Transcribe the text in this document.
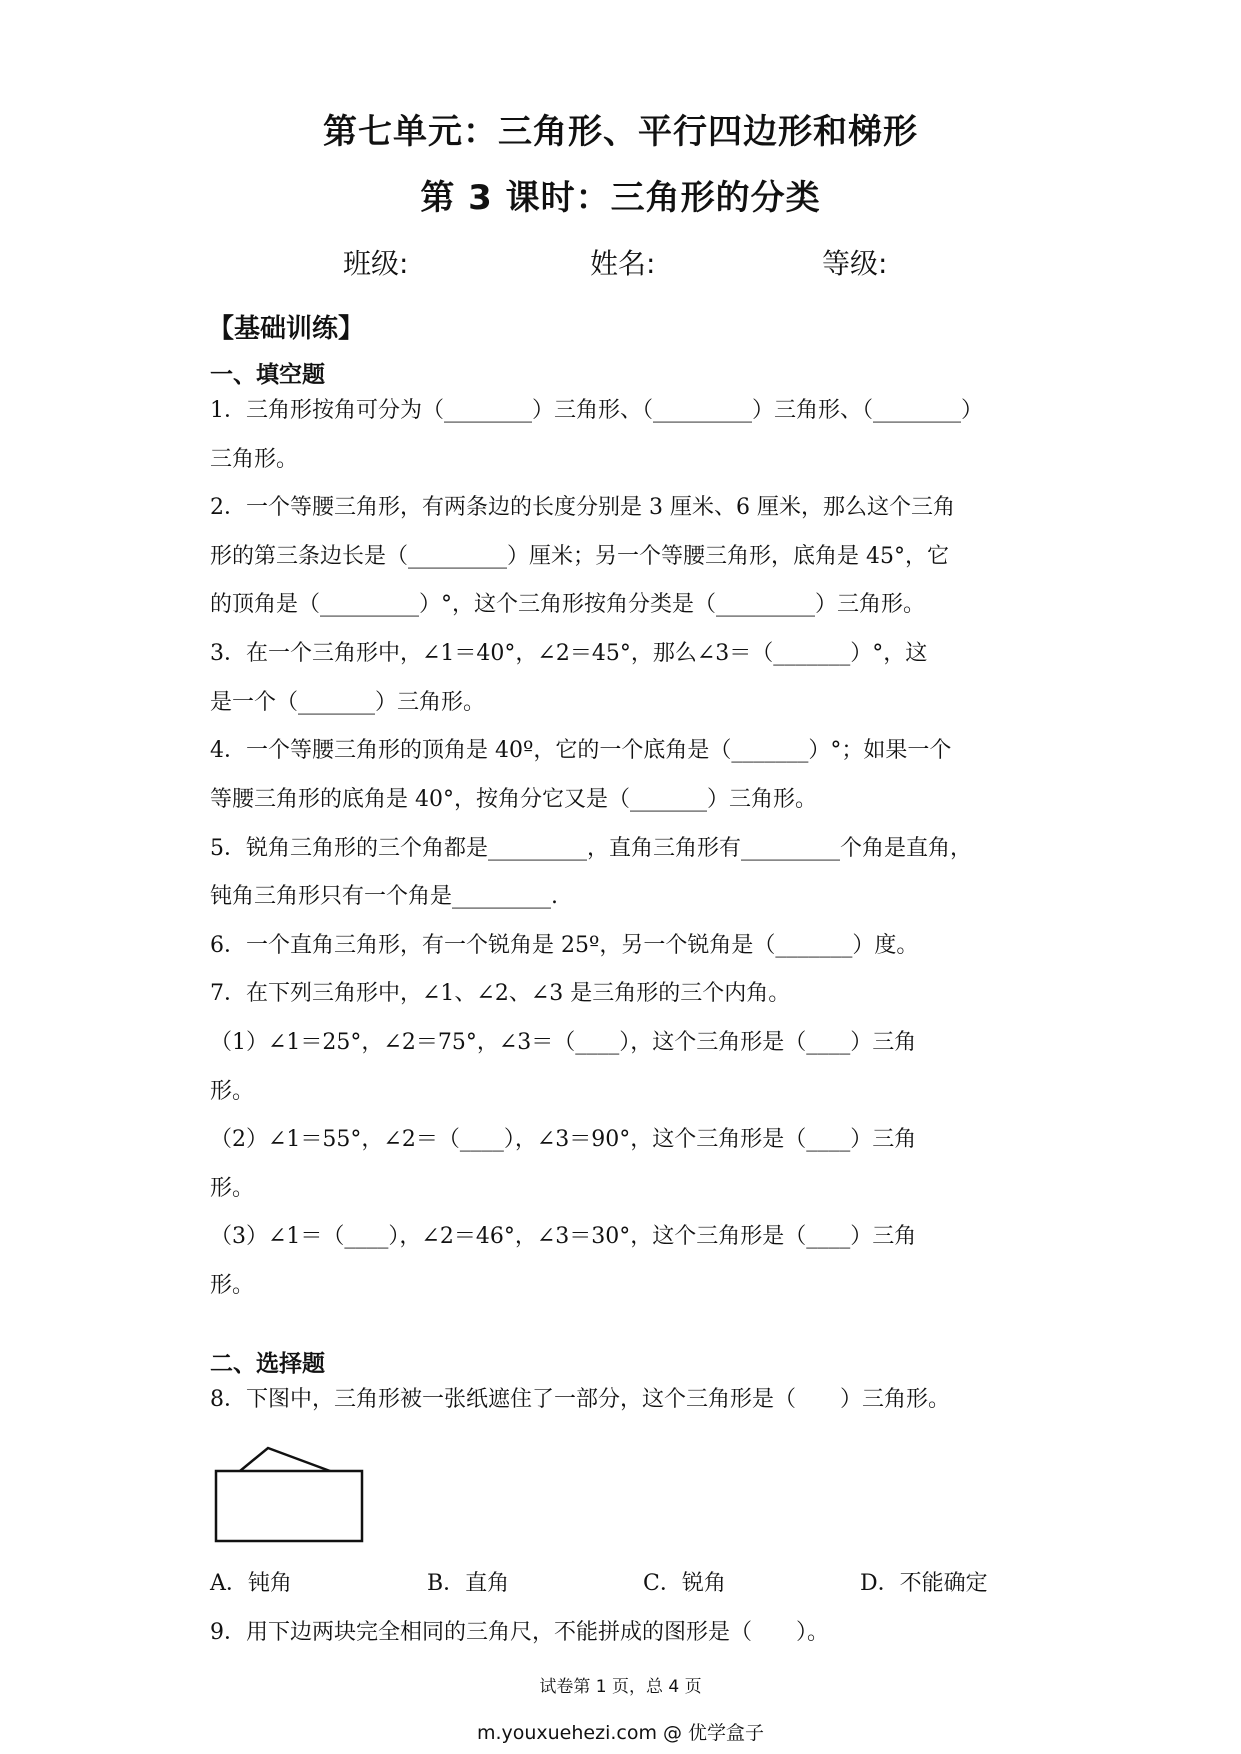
第七单元：三角形、平行四边形和梯形
第 3 课时：三角形的分类
班级:	姓名:	等级:
【基础训练】
一、填空题
1．三角形按角可分为（________）三角形、（_________）三角形、（________）
三角形。
2．一个等腰三角形，有两条边的长度分别是 3 厘米、6 厘米，那么这个三角
形的第三条边长是（_________）厘米；另一个等腰三角形，底角是 45°，它
的顶角是（_________）°，这个三角形按角分类是（_________）三角形。
3．在一个三角形中，∠1＝40°，∠2＝45°，那么∠3＝（_______）°，这
是一个（_______）三角形。
4．一个等腰三角形的顶角是 40º，它的一个底角是（_______）°；如果一个
等腰三角形的底角是 40°，按角分它又是（_______）三角形。
5．锐角三角形的三个角都是_________，直角三角形有_________个角是直角，
钝角三角形只有一个角是_________.
6．一个直角三角形，有一个锐角是 25º，另一个锐角是（_______）度。
7．在下列三角形中，∠1、∠2、∠3 是三角形的三个内角。
（1）∠1＝25°，∠2＝75°，∠3＝（____），这个三角形是（____）三角
形。
（2）∠1＝55°，∠2＝（____），∠3＝90°，这个三角形是（____）三角
形。
（3）∠1＝（____），∠2＝46°，∠3＝30°，这个三角形是（____）三角
形。
二、选择题
8．下图中，三角形被一张纸遮住了一部分，这个三角形是（　　）三角形。
A．钝角	B．直角	C．锐角	D．不能确定
9．用下边两块完全相同的三角尺，不能拼成的图形是（　　）。
试卷第 1 页，总 4 页
m.youxuehezi.com @ 优学盒子
